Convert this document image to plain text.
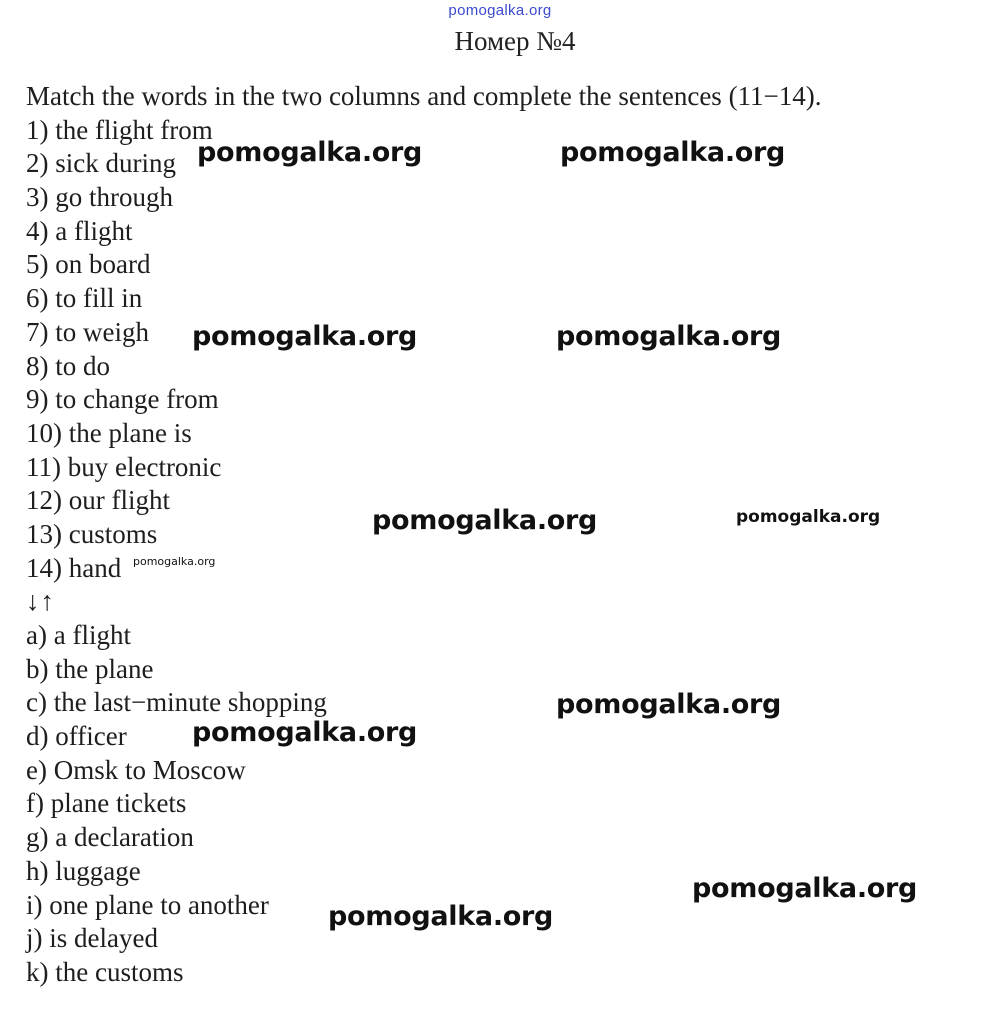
pomogalka.org
Номер №4
Match the words in the two columns and complete the sentences (11−14).
1) the flight from
2) sick during
3) go through
4) a flight
5) on board
6) to fill in
7) to weigh
8) to do
9) to change from
10) the plane is
11) buy electronic
12) our flight
13) customs
14) hand
↓↑
a) a flight
b) the plane
c) the last−minute shopping
d) officer
e) Omsk to Moscow
f) plane tickets
g) a declaration
h) luggage
i) one plane to another
j) is delayed
k) the customs
pomogalka.org	pomogalka.org
pomogalka.org	pomogalka.org
pomogalka.org	pomogalka.org
pomogalka.org
pomogalka.org
pomogalka.org
pomogalka.org
pomogalka.org
